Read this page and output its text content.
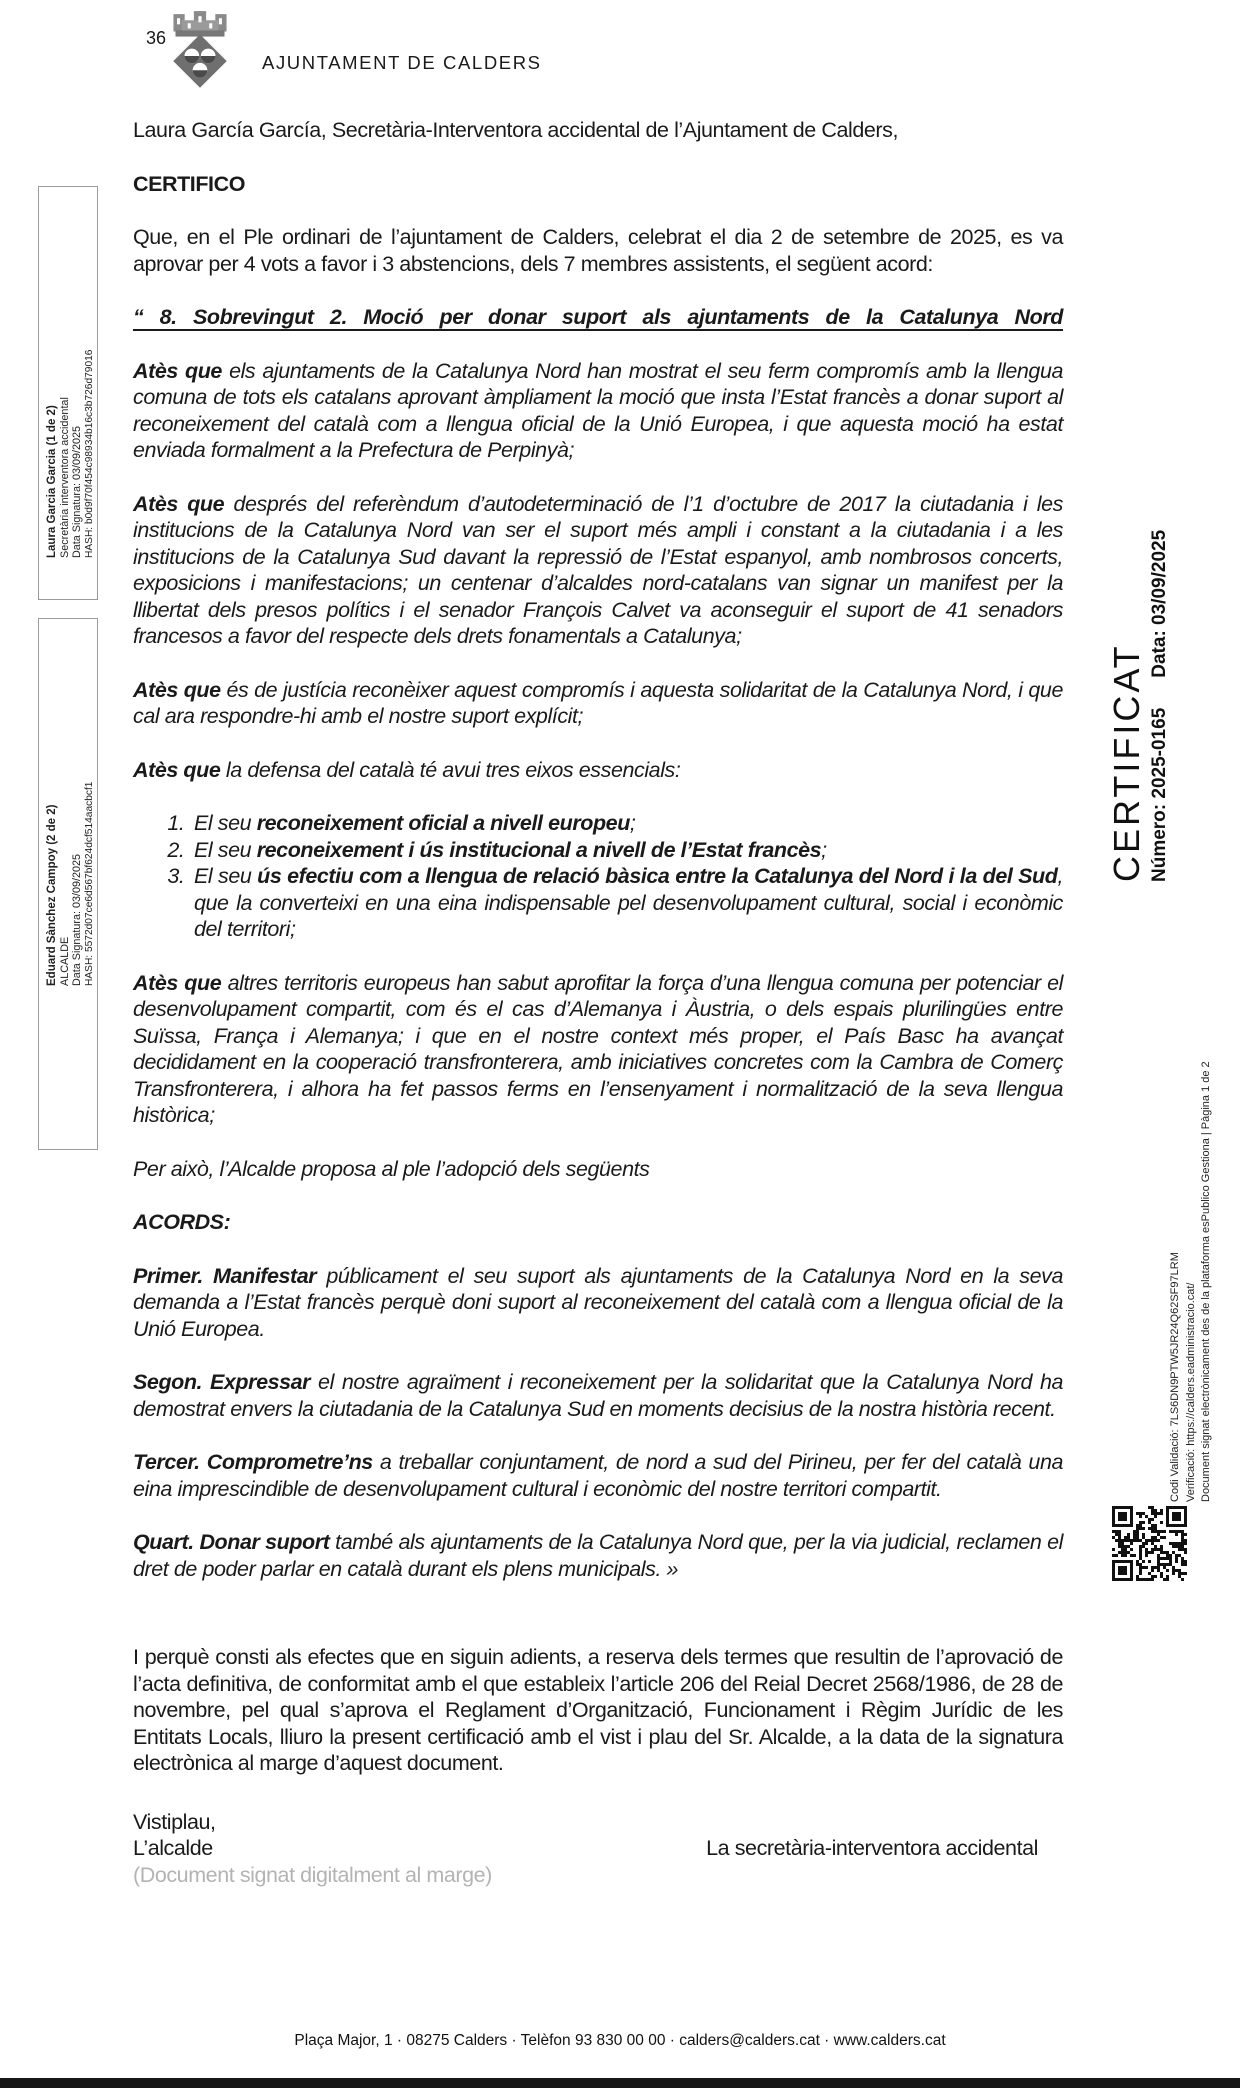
36
AJUNTAMENT DE CALDERS
Laura Garcia Garcia (1 de 2) Secretària interventora accidental Data Signatura: 03/09/2025 HASH: b0d9f70f454c98934b16c3b726d79016
Eduard Sànchez Campoy (2 de 2) ALCALDE Data Signatura: 03/09/2025 HASH: 5572d07ce6d567bf624dcf514aacbcf1
CERTIFICAT Número: 2025-0165
Data: 03/09/2025
Codi Validació: 7LS6DN9PTW5JR24Q62SF97LRM Verificació: https://calders.eadministracio.cat/ Document signat electrònicament des de la plataforma esPublico Gestiona | Pàgina 1 de 2

Laura García García, Secretària-Interventora accidental de l’Ajuntament de Calders,

CERTIFICO

Que, en el Ple ordinari de l’ajuntament de Calders, celebrat el dia 2 de setembre de 2025, es va aprovar per 4 vots a favor i 3 abstencions, dels 7 membres assistents, el següent acord:

“ 8. Sobrevingut 2. Moció per donar suport als ajuntaments de la Catalunya Nord

Atès que els ajuntaments de la Catalunya Nord han mostrat el seu ferm compromís amb la llengua comuna de tots els catalans aprovant àmpliament la moció que insta l’Estat francès a donar suport al reconeixement del català com a llengua oficial de la Unió Europea, i que aquesta moció ha estat enviada formalment a la Prefectura de Perpinyà;

Atès que després del referèndum d’autodeterminació de l’1 d’octubre de 2017 la ciutadania i les institucions de la Catalunya Nord van ser el suport més ampli i constant a la ciutadania i a les institucions de la Catalunya Sud davant la repressió de l’Estat espanyol, amb nombrosos concerts, exposicions i manifestacions; un centenar d’alcaldes nord-catalans van signar un manifest per la llibertat dels presos polítics i el senador François Calvet va aconseguir el suport de 41 senadors francesos a favor del respecte dels drets fonamentals a Catalunya;

Atès que és de justícia reconèixer aquest compromís i aquesta solidaritat de la Catalunya Nord, i que cal ara respondre-hi amb el nostre suport explícit;

Atès que la defensa del català té avui tres eixos essencials:

1. El seu reconeixement oficial a nivell europeu;
2. El seu reconeixement i ús institucional a nivell de l’Estat francès;
3. El seu ús efectiu com a llengua de relació bàsica entre la Catalunya del Nord i la del Sud, que la converteixi en una eina indispensable pel desenvolupament cultural, social i econòmic del territori;

Atès que altres territoris europeus han sabut aprofitar la força d’una llengua comuna per potenciar el desenvolupament compartit, com és el cas d’Alemanya i Àustria, o dels espais plurilingües entre Suïssa, França i Alemanya; i que en el nostre context més proper, el País Basc ha avançat decididament en la cooperació transfronterera, amb iniciatives concretes com la Cambra de Comerç Transfronterera, i alhora ha fet passos ferms en l’ensenyament i normalització de la seva llengua històrica;

Per això, l’Alcalde proposa al ple l’adopció dels següents

ACORDS:

Primer. Manifestar públicament el seu suport als ajuntaments de la Catalunya Nord en la seva demanda a l’Estat francès perquè doni suport al reconeixement del català com a llengua oficial de la Unió Europea.

Segon. Expressar el nostre agraïment i reconeixement per la solidaritat que la Catalunya Nord ha demostrat envers la ciutadania de la Catalunya Sud en moments decisius de la nostra història recent.

Tercer. Comprometre’ns a treballar conjuntament, de nord a sud del Pirineu, per fer del català una eina imprescindible de desenvolupament cultural i econòmic del nostre territori compartit.

Quart. Donar suport també als ajuntaments de la Catalunya Nord que, per la via judicial, reclamen el dret de poder parlar en català durant els plens municipals. »

I perquè consti als efectes que en siguin adients, a reserva dels termes que resultin de l’aprovació de l’acta definitiva, de conformitat amb el que estableix l’article 206 del Reial Decret 2568/1986, de 28 de novembre, pel qual s’aprova el Reglament d’Organització, Funcionament i Règim Jurídic de les Entitats Locals, lliuro la present certificació amb el vist i plau del Sr. Alcalde, a la data de la signatura electrònica al marge d’aquest document.

Vistiplau,
L’alcalde	La secretària-interventora accidental
(Document signat digitalment al marge)
Plaça Major, 1 · 08275 Calders · Telèfon 93 830 00 00 · calders@calders.cat · www.calders.cat
